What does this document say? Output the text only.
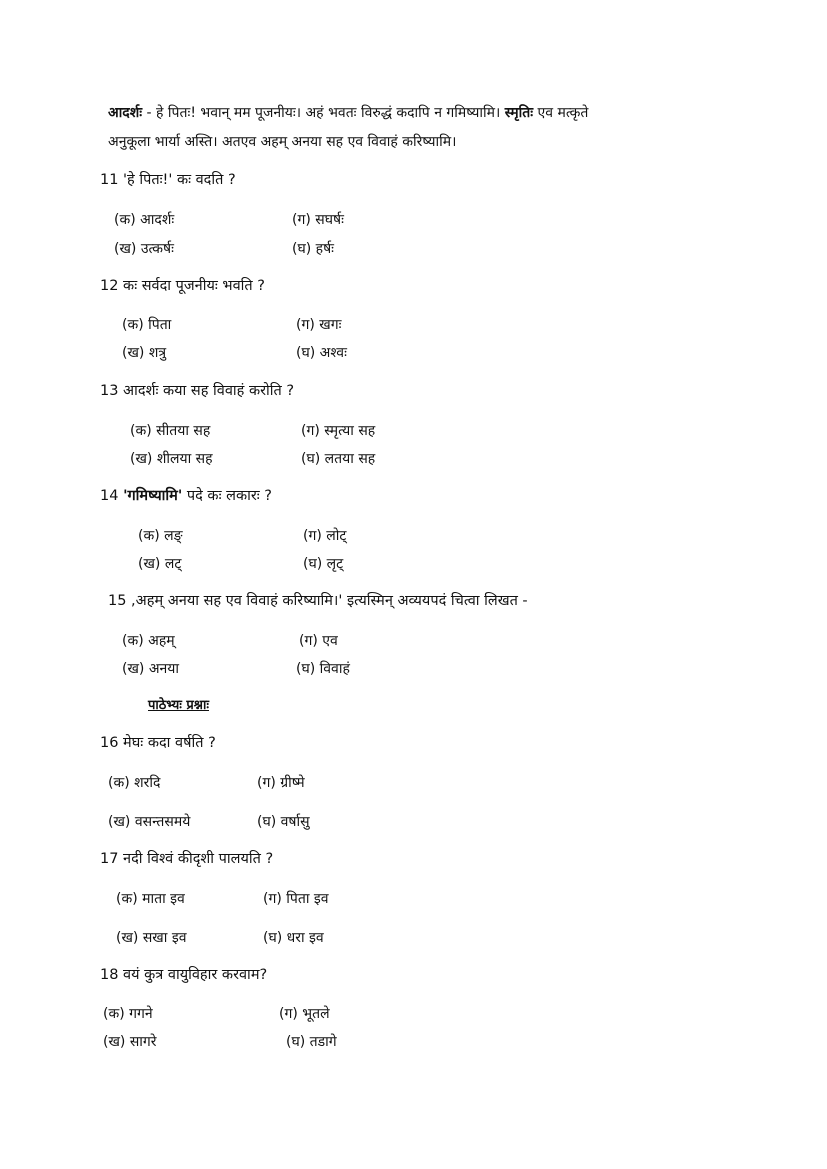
आदर्शः - हे पितः! भवान् मम पूजनीयः। अहं भवतः विरुद्धं कदापि न गमिष्यामि। स्मृतिः एव मत्कृते
अनुकूला भार्या अस्ति। अतएव अहम् अनया सह एव विवाहं करिष्यामि।
11 'हे पितः!' कः वदति ?
(क) आदर्शः	(ग) सघर्षः
(ख) उत्कर्षः	(घ) हर्षः
12 कः सर्वदा पूजनीयः भवति ?
(क) पिता	(ग) खगः
(ख) शत्रु	(घ) अश्वः
13 आदर्शः कया सह विवाहं करोति ?
(क) सीतया सह	(ग) स्मृत्या सह
(ख) शीलया सह	(घ) लतया सह
14 'गमिष्यामि' पदे कः लकारः ?
(क) लङ्	(ग) लोट्
(ख) लट्	(घ) लृट्
15 ,अहम् अनया सह एव विवाहं करिष्यामि।' इत्यस्मिन् अव्ययपदं चित्वा लिखत -
(क) अहम्	(ग) एव
(ख) अनया	(घ) विवाहं
पाठेभ्यः प्रश्नाः
16 मेघः कदा वर्षति ?
(क) शरदि	(ग) ग्रीष्मे
(ख) वसन्तसमये	(घ) वर्षासु
17 नदी विश्वं कीदृशी पालयति ?
(क) माता इव	(ग) पिता इव
(ख) सखा इव	(घ) धरा इव
18 वयं कुत्र वायुविहार करवाम?
(क) गगने	(ग) भूतले
(ख) सागरे	(घ) तडागे
